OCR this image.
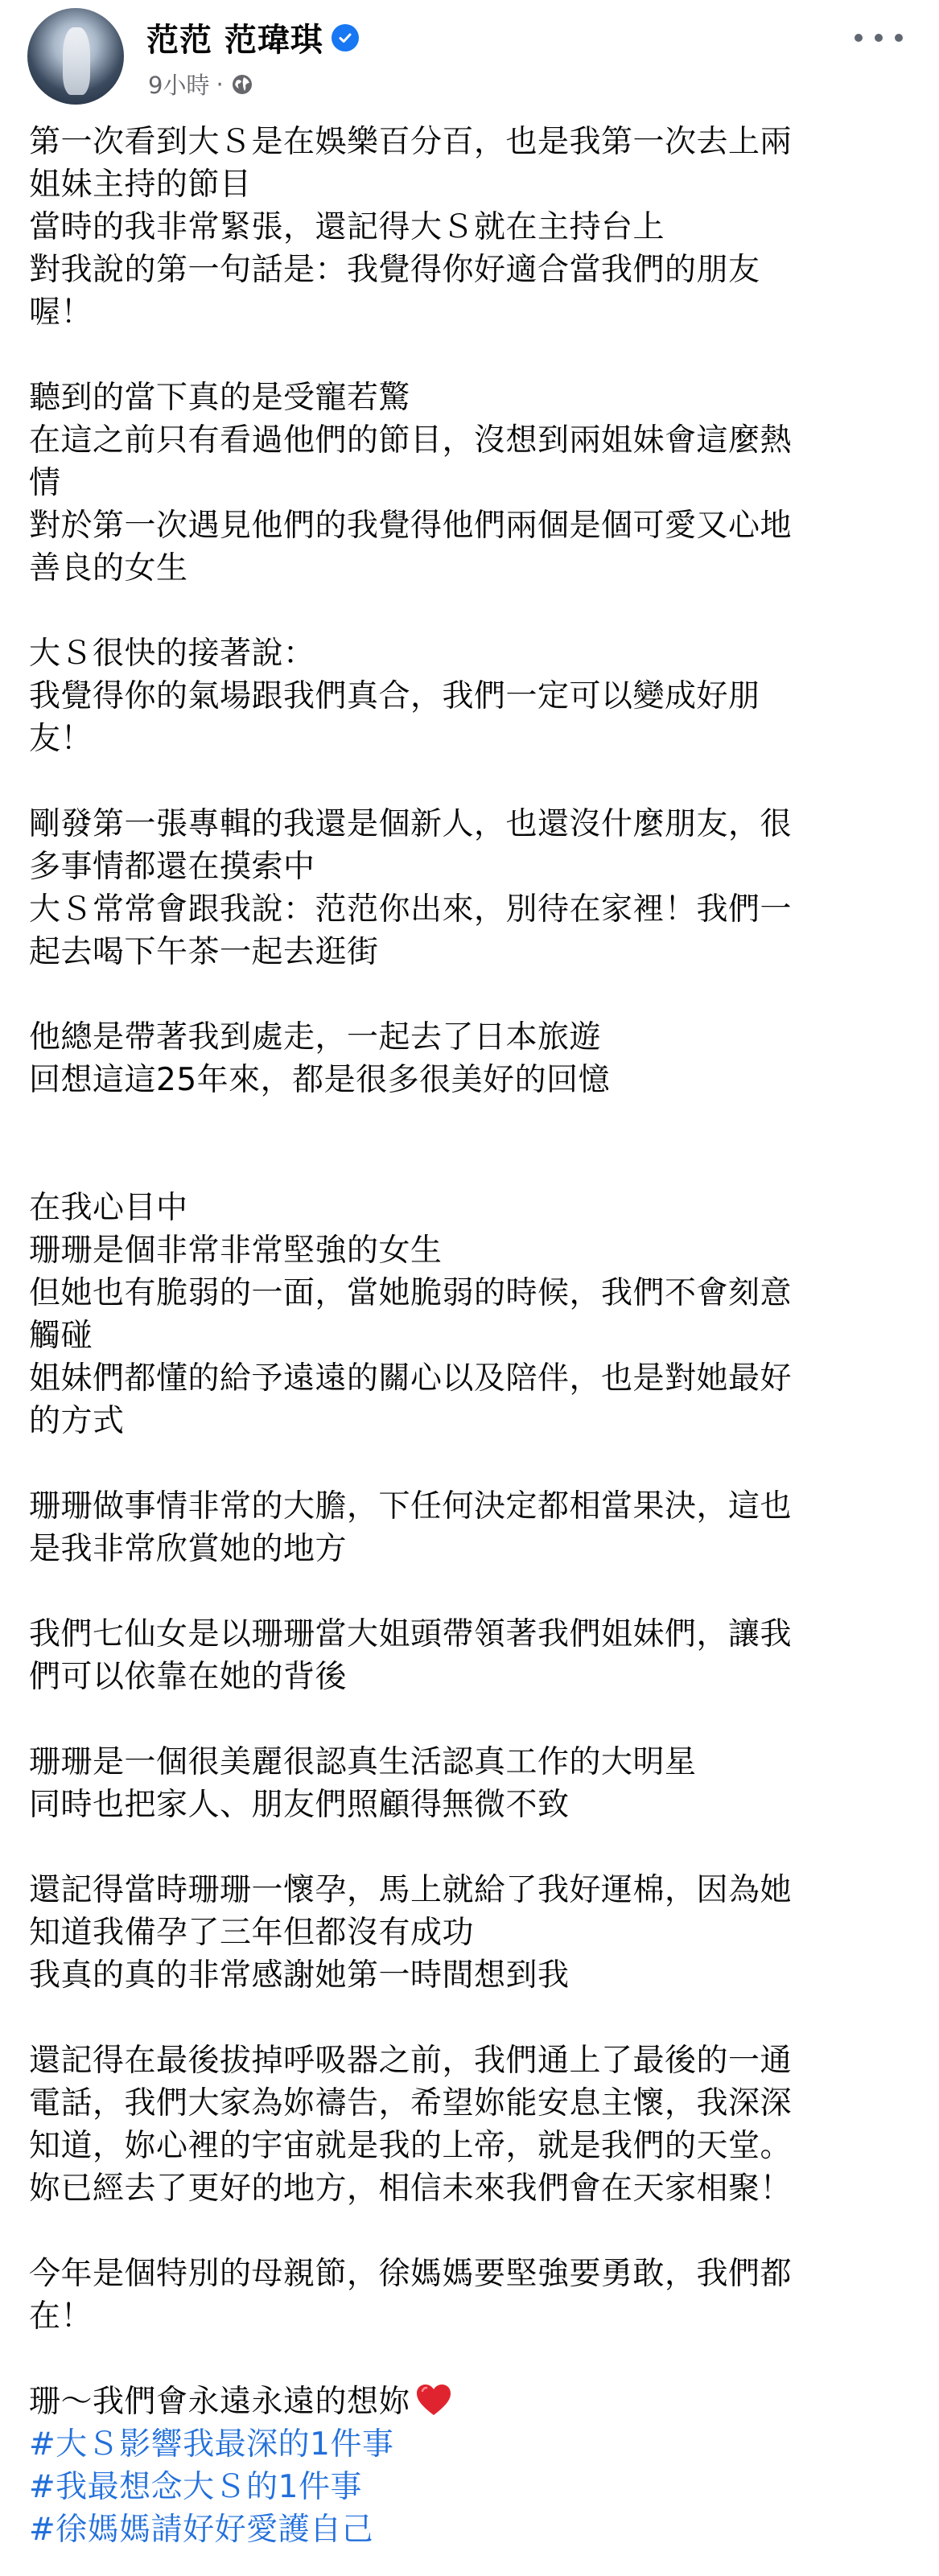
范范 范瑋琪
9小時 ·
第一次看到大Ｓ是在娛樂百分百，也是我第一次去上兩
姐妹主持的節目
當時的我非常緊張，還記得大Ｓ就在主持台上
對我說的第一句話是：我覺得你好適合當我們的朋友
喔！
聽到的當下真的是受寵若驚
在這之前只有看過他們的節目，沒想到兩姐妹會這麼熱
情
對於第一次遇見他們的我覺得他們兩個是個可愛又心地
善良的女生
大Ｓ很快的接著說：
我覺得你的氣場跟我們真合，我們一定可以變成好朋
友！
剛發第一張專輯的我還是個新人，也還沒什麼朋友，很
多事情都還在摸索中
大Ｓ常常會跟我說：范范你出來，別待在家裡！我們一
起去喝下午茶一起去逛街
他總是帶著我到處走，一起去了日本旅遊
回想這這25年來，都是很多很美好的回憶
在我心目中
珊珊是個非常非常堅強的女生
但她也有脆弱的一面，當她脆弱的時候，我們不會刻意
觸碰
姐妹們都懂的給予遠遠的關心以及陪伴，也是對她最好
的方式
珊珊做事情非常的大膽，下任何決定都相當果決，這也
是我非常欣賞她的地方
我們七仙女是以珊珊當大姐頭帶領著我們姐妹們，讓我
們可以依靠在她的背後
珊珊是一個很美麗很認真生活認真工作的大明星
同時也把家人、朋友們照顧得無微不致
還記得當時珊珊一懷孕，馬上就給了我好運棉，因為她
知道我備孕了三年但都沒有成功
我真的真的非常感謝她第一時間想到我
還記得在最後拔掉呼吸器之前，我們通上了最後的一通
電話，我們大家為妳禱告，希望妳能安息主懷，我深深
知道，妳心裡的宇宙就是我的上帝，就是我們的天堂。
妳已經去了更好的地方，相信未來我們會在天家相聚！
今年是個特別的母親節，徐媽媽要堅強要勇敢，我們都
在！
珊～我們會永遠永遠的想妳
#大Ｓ影響我最深的1件事
#我最想念大Ｓ的1件事
#徐媽媽請好好愛護自己
